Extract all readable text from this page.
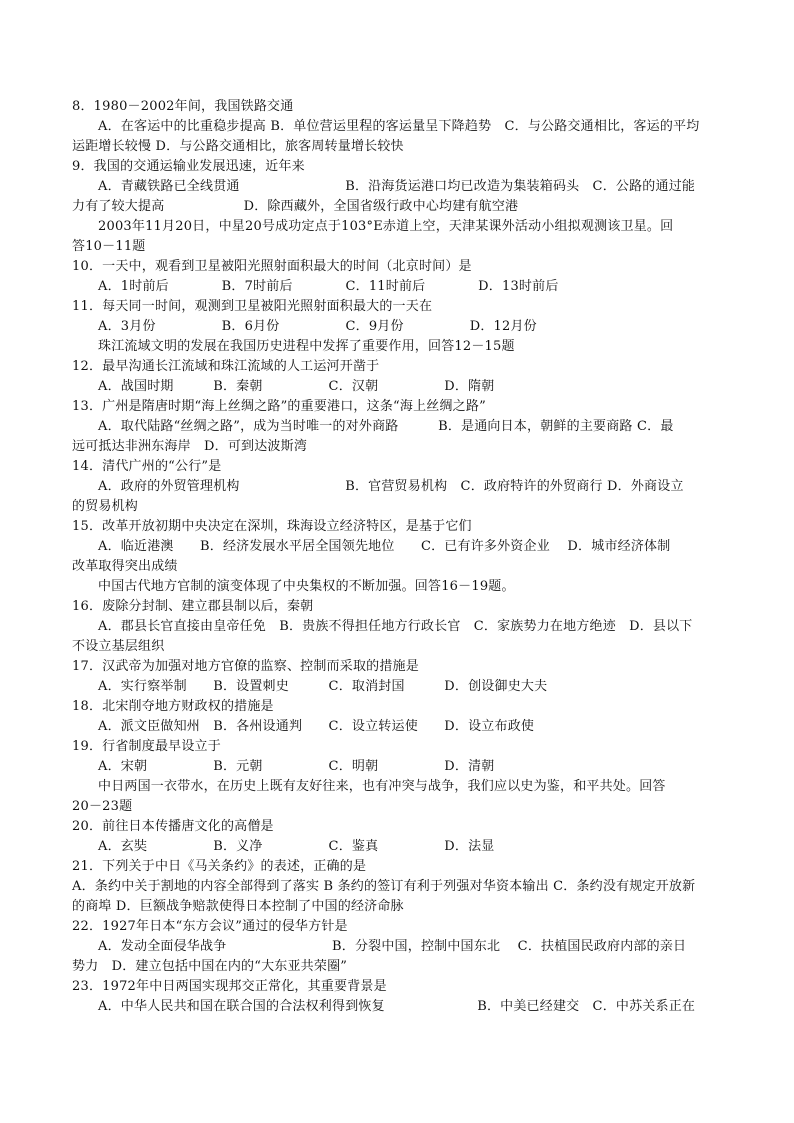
8．1980－2002年间，我国铁路交通
A．在客运中的比重稳步提高 B．单位营运里程的客运量呈下降趋势　C．与公路交通相比，客运的平均
运距增长较慢 D．与公路交通相比，旅客周转量增长较快
9．我国的交通运输业发展迅速，近年来
A．青藏铁路已全线贯通　　　　　　　　B．沿海货运港口均已改造为集装箱码头　C．公路的通过能
力有了较大提高　　　　　　D．除西藏外，全国省级行政中心均建有航空港
2003年11月20日，中星20号成功定点于103°E赤道上空，天津某课外活动小组拟观测该卫星。回
答10－11题
10．一天中，观看到卫星被阳光照射面积最大的时间（北京时间）是
A．1时前后　　　　B．7时前后　　　　C．11时前后　　　　D．13时前后
11．每天同一时间，观测到卫星被阳光照射面积最大的一天在
A．3月份　　　　　B．6月份　　　　　C．9月份　　　　　D．12月份
珠江流域文明的发展在我国历史进程中发挥了重要作用，回答12－15题
12．最早沟通长江流域和珠江流域的人工运河开凿于
A．战国时期　　　B．秦朝　　　　　C．汉朝　　　　　D．隋朝
13．广州是隋唐时期“海上丝绸之路”的重要港口，这条“海上丝绸之路”
A．取代陆路“丝绸之路”，成为当时唯一的对外商路　　　B．是通向日本，朝鲜的主要商路 C．最
远可抵达非洲东海岸　D．可到达波斯湾
14．清代广州的“公行”是
A．政府的外贸管理机构　　　　　　　　B．官营贸易机构　C．政府特许的外贸商行 D．外商设立
的贸易机构
15．改革开放初期中央决定在深圳，珠海设立经济特区，是基于它们
A．临近港澳　　B．经济发展水平居全国领先地位　　C．已有许多外资企业　 D．城市经济体制
改革取得突出成绩
中国古代地方官制的演变体现了中央集权的不断加强。回答16－19题。
16．废除分封制、建立郡县制以后，秦朝
A．郡县长官直接由皇帝任免　B．贵族不得担任地方行政长官　C．家族势力在地方绝迹　D．县以下
不设立基层组织
17．汉武帝为加强对地方官僚的监察、控制而采取的措施是
A．实行察举制　　B．设置刺史　　　C．取消封国　　　D．创设御史大夫
18．北宋削夺地方财政权的措施是
A．派文臣做知州　B．各州设通判　　C．设立转运使　　D．设立布政使
19．行省制度最早设立于
A．宋朝　　　　　B．元朝　　　　　C．明朝　　　　　D．清朝
中日两国一衣带水，在历史上既有友好往来，也有冲突与战争，我们应以史为鉴，和平共处。回答
20－23题
20．前往日本传播唐文化的高僧是
A．玄奘　　　　　B．义净　　　　　C．鉴真　　　　　D．法显
21．下列关于中日《马关条约》的表述，正确的是
A．条约中关于割地的内容全部得到了落实 B 条约的签订有利于列强对华资本输出 C．条约没有规定开放新
的商埠 D．巨额战争赔款使得日本控制了中国的经济命脉
22．1927年日本“东方会议”通过的侵华方针是
A．发动全面侵华战争　　　　　　　　B．分裂中国，控制中国东北　 C．扶植国民政府内部的亲日
势力　D．建立包括中国在内的“大东亚共荣圈”
23．1972年中日两国实现邦交正常化，其重要背景是
A．中华人民共和国在联合国的合法权利得到恢复　　　　　　　B．中美已经建交　C．中苏关系正在
